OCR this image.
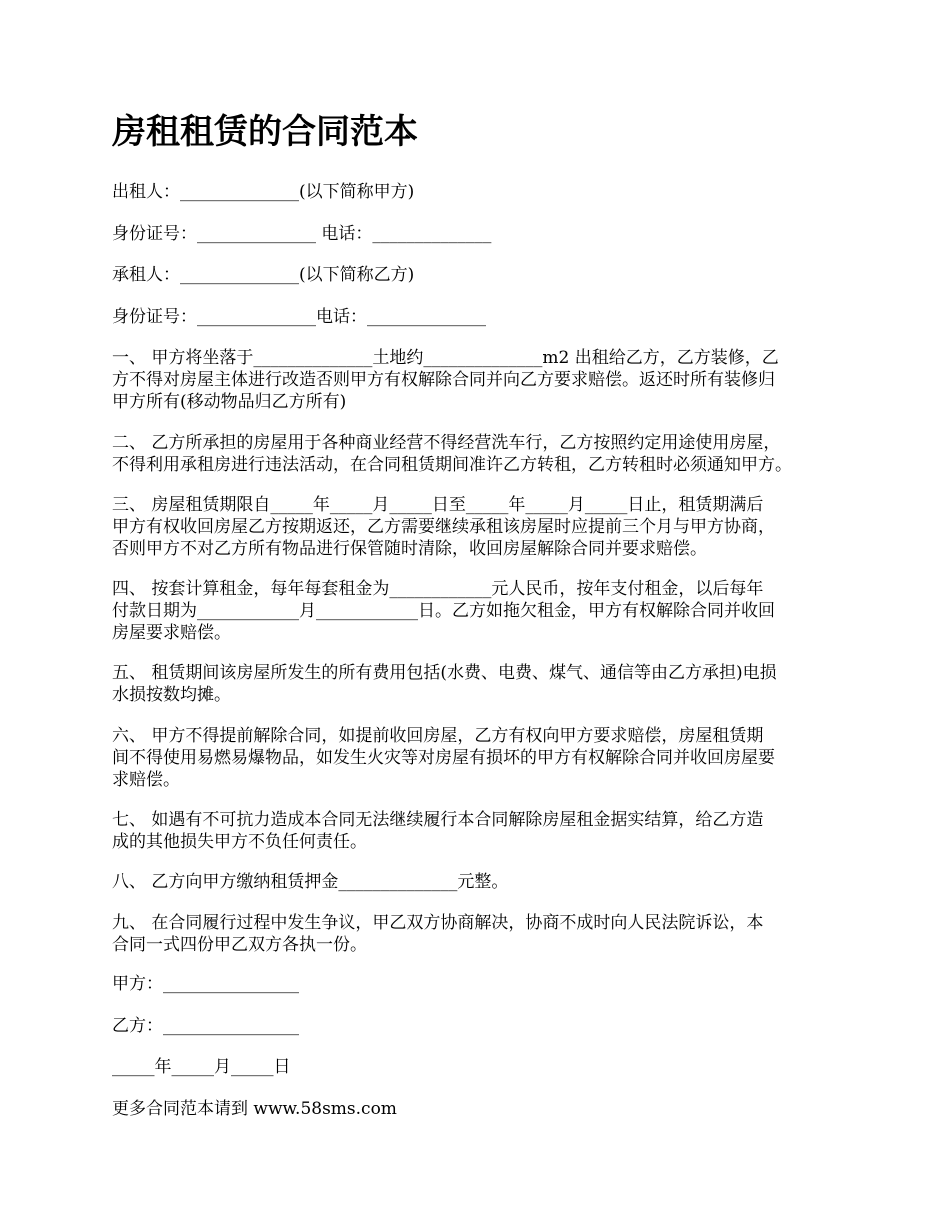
房租租赁的合同范本

出租人：______________(以下简称甲方)

身份证号：______________ 电话：______________

承租人：______________(以下简称乙方)

身份证号：______________电话：______________

一、 甲方将坐落于______________土地约______________m2 出租给乙方，乙方装修，乙
方不得对房屋主体进行改造否则甲方有权解除合同并向乙方要求赔偿。返还时所有装修归
甲方所有(移动物品归乙方所有)

二、 乙方所承担的房屋用于各种商业经营不得经营洗车行，乙方按照约定用途使用房屋，
不得利用承租房进行违法活动，在合同租赁期间准许乙方转租，乙方转租时必须通知甲方。

三、 房屋租赁期限自_____年_____月_____日至_____年_____月_____日止，租赁期满后
甲方有权收回房屋乙方按期返还，乙方需要继续承租该房屋时应提前三个月与甲方协商，
否则甲方不对乙方所有物品进行保管随时清除，收回房屋解除合同并要求赔偿。

四、 按套计算租金，每年每套租金为____________元人民币，按年支付租金，以后每年
付款日期为____________月____________日。乙方如拖欠租金，甲方有权解除合同并收回
房屋要求赔偿。

五、 租赁期间该房屋所发生的所有费用包括(水费、电费、煤气、通信等由乙方承担)电损
水损按数均摊。

六、 甲方不得提前解除合同，如提前收回房屋，乙方有权向甲方要求赔偿，房屋租赁期
间不得使用易燃易爆物品，如发生火灾等对房屋有损坏的甲方有权解除合同并收回房屋要
求赔偿。

七、 如遇有不可抗力造成本合同无法继续履行本合同解除房屋租金据实结算，给乙方造
成的其他损失甲方不负任何责任。

八、 乙方向甲方缴纳租赁押金______________元整。

九、 在合同履行过程中发生争议，甲乙双方协商解决，协商不成时向人民法院诉讼，本
合同一式四份甲乙双方各执一份。

甲方：________________

乙方：________________

_____年_____月_____日

更多合同范本请到 www.58sms.com
